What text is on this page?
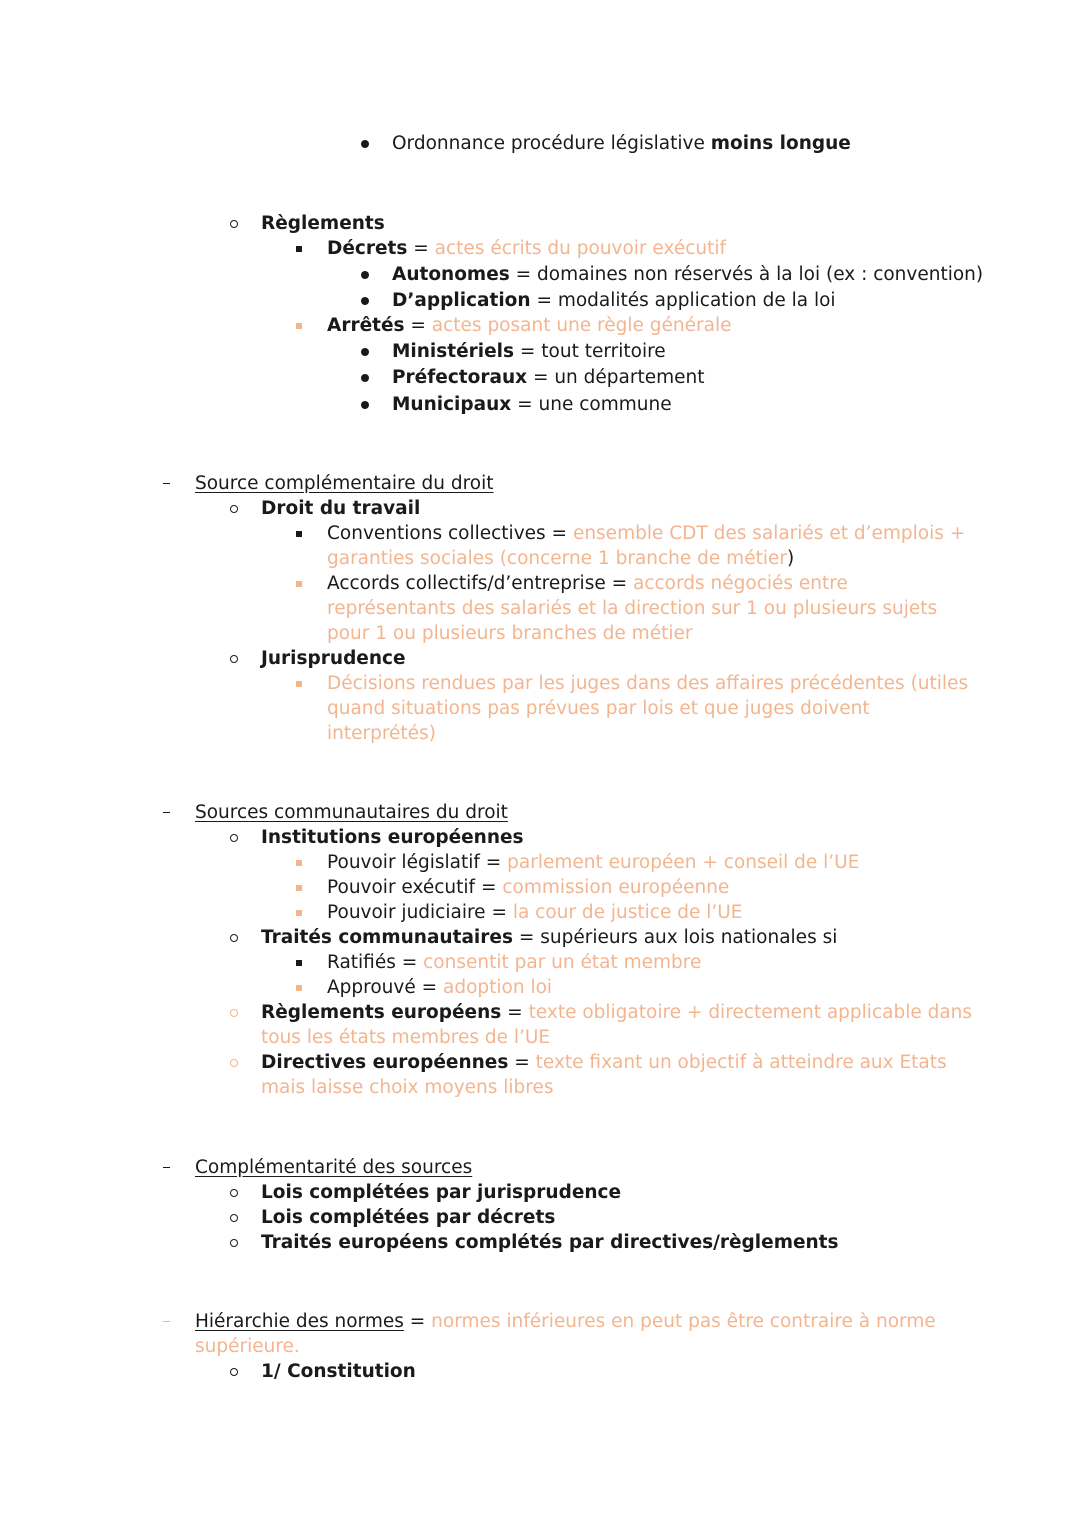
Ordonnance procédure législative moins longue
Règlements
Décrets = actes écrits du pouvoir exécutif
Autonomes = domaines non réservés à la loi (ex : convention)
D’application = modalités application de la loi
Arrêtés = actes posant une règle générale
Ministériels = tout territoire
Préfectoraux = un département
Municipaux = une commune
Source complémentaire du droit
Droit du travail
Conventions collectives = ensemble CDT des salariés et d’emplois +
garanties sociales (concerne 1 branche de métier)
Accords collectifs/d’entreprise = accords négociés entre
représentants des salariés et la direction sur 1 ou plusieurs sujets
pour 1 ou plusieurs branches de métier
Jurisprudence
Décisions rendues par les juges dans des affaires précédentes (utiles
quand situations pas prévues par lois et que juges doivent
interprétés)
Sources communautaires du droit
Institutions européennes
Pouvoir législatif = parlement européen + conseil de l’UE
Pouvoir exécutif = commission européenne
Pouvoir judiciaire = la cour de justice de l’UE
Traités communautaires = supérieurs aux lois nationales si
Ratifiés = consentit par un état membre
Approuvé = adoption loi
Règlements européens = texte obligatoire + directement applicable dans
tous les états membres de l’UE
Directives européennes = texte fixant un objectif à atteindre aux Etats
mais laisse choix moyens libres
Complémentarité des sources
Lois complétées par jurisprudence
Lois complétées par décrets
Traités européens complétés par directives/règlements
Hiérarchie des normes = normes inférieures en peut pas être contraire à norme
supérieure.
1/ Constitution
